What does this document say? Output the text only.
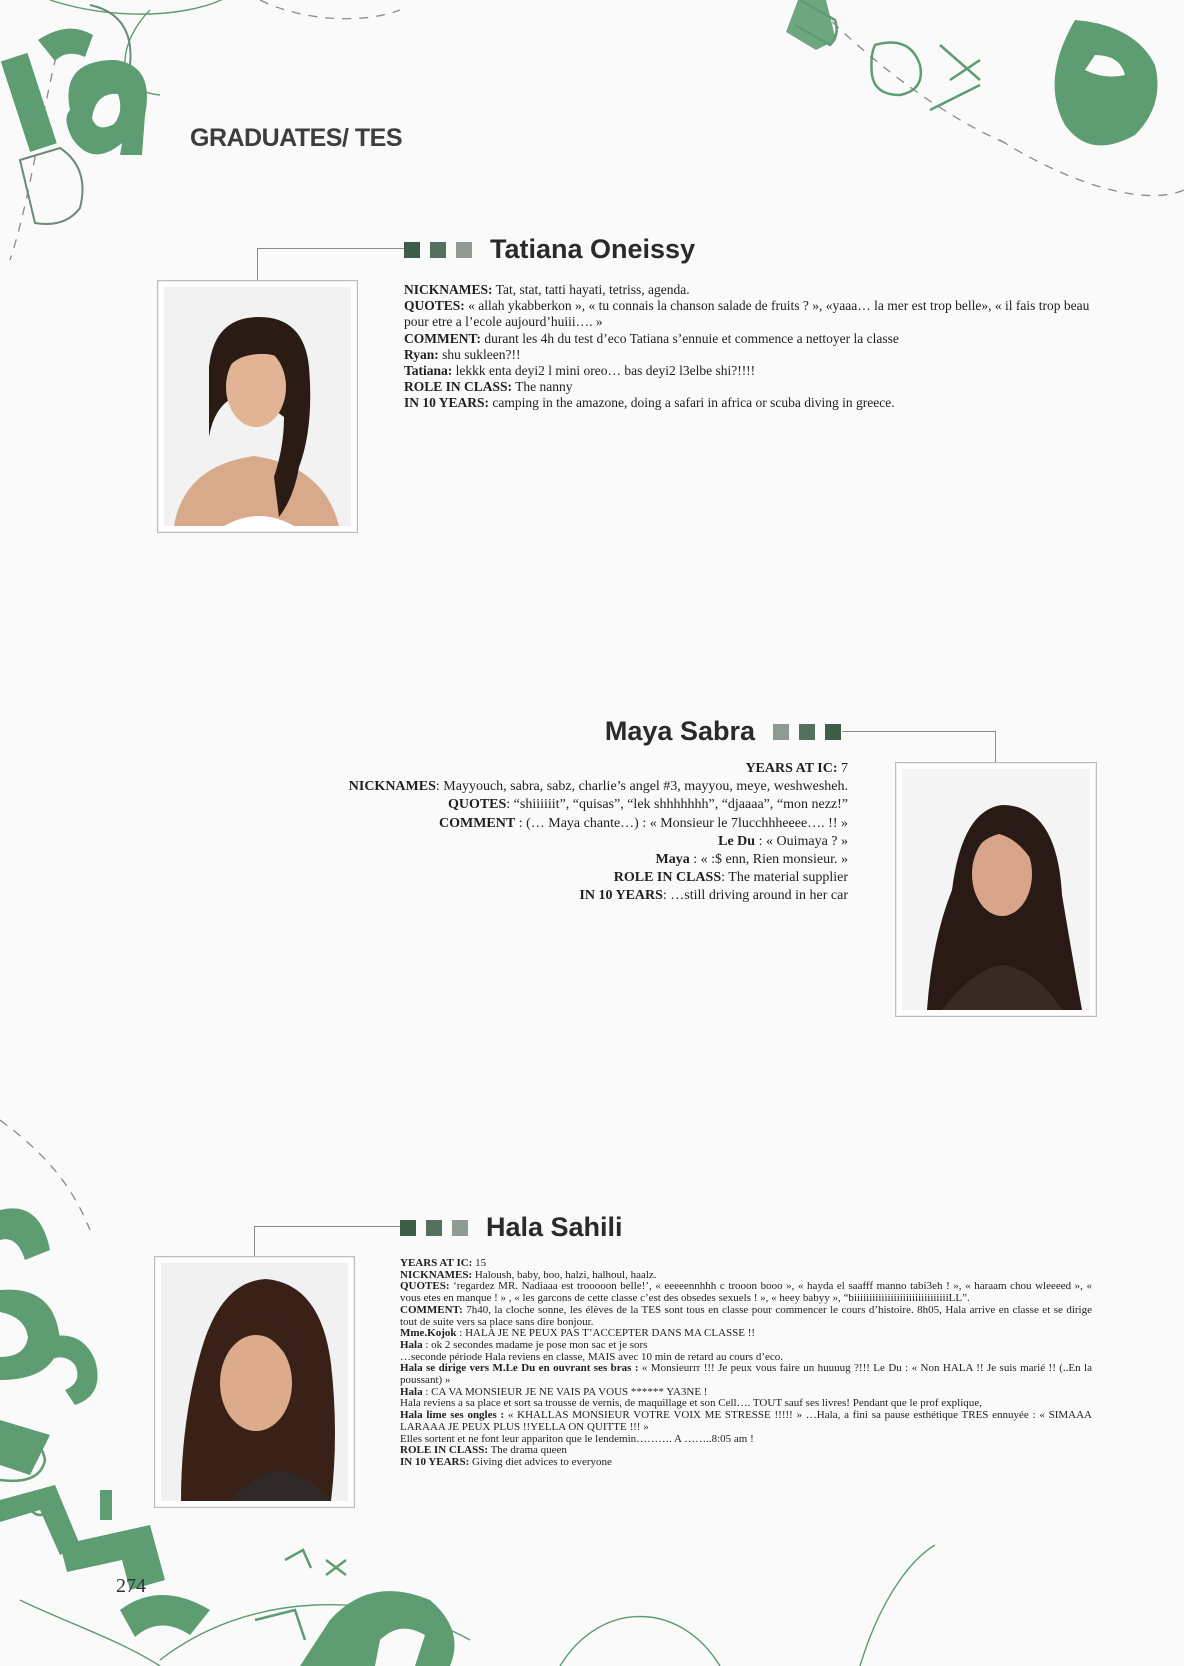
GRADUATES/ TES
Tatiana Oneissy

NICKNAMES: Tat, stat, tatti hayati, tetriss, agenda.

QUOTES: « allah ykabberkon », « tu connais la chanson salade de fruits ? », «yaaa… la mer est trop belle», « il fais trop beau pour etre a l’ecole aujourd’huiii…. »

COMMENT: durant les 4h du test d’eco Tatiana s’ennuie et commence a nettoyer la classe

Ryan: shu sukleen?!!

Tatiana: lekkk enta deyi2 l mini oreo… bas deyi2 l3elbe shi?!!!!

ROLE IN CLASS: The nanny

IN 10 YEARS: camping in the amazone, doing a safari in africa or scuba diving in greece.

Maya Sabra

YEARS AT IC: 7

NICKNAMES: Mayyouch, sabra, sabz, charlie’s angel #3, mayyou, meye, weshwesheh.

QUOTES: “shiiiiiit”, “quisas”, “lek shhhhhhh”, “djaaaa”, “mon nezz!”

COMMENT : (… Maya chante…) : « Monsieur le 7lucchhheeee…. !! »

Le Du : « Ouimaya ? »

Maya : « :$ enn, Rien monsieur. »

ROLE IN CLASS: The material supplier

IN 10 YEARS: …still driving around in her car

Hala Sahili

YEARS AT IC: 15

NICKNAMES: Haloush, baby, boo, halzi, halhoul, haalz.

QUOTES: ‘regardez MR. Nadiaaa est trooooon belle!’, « eeeeennhhh c trooon booo », « hayda el saafff manno tabi3eh ! », « haraam chou wleeeed », « vous etes en manque ! » , « les garcons de cette classe c’est des obsedes sexuels ! », « heey babyy », “biiiiiiiiiiiiiiiiiiiiiiiiiiiiiiiLL”.

COMMENT: 7h40, la cloche sonne, les élèves de la TES sont tous en classe pour commencer le cours d’histoire. 8h05, Hala arrive en classe et se dirige tout de suite vers sa place sans dire bonjour.

Mme.Kojok : HALA JE NE PEUX PAS T’ACCEPTER DANS MA CLASSE !!

Hala : ok 2 secondes madame je pose mon sac et je sors

…seconde période Hala reviens en classe, MAIS avec 10 min de retard au cours d’eco.

Hala se dirige vers M.Le Du en ouvrant ses bras : « Monsieurrr !!! Je peux vous faire un huuuug ?!!! Le Du : « Non HALA !! Je suis marié !! (..En la poussant) »

Hala : CA VA MONSIEUR JE NE VAIS PA VOUS ****** YA3NE !

Hala reviens a sa place et sort sa trousse de vernis, de maquillage et son Cell…. TOUT sauf ses livres! Pendant que le prof explique,

Hala lime ses ongles : « KHALLAS MONSIEUR VOTRE VOIX ME STRESSE !!!!! » …Hala, a fini sa pause esthétique TRES ennuyée : « SIMAAA LARAAA JE PEUX PLUS !!YELLA ON QUITTE !!! »

Elles sortent et ne font leur appariton que le lendemin………. A ……..8:05 am !

ROLE IN CLASS: The drama queen

IN 10 YEARS: Giving diet advices to everyone

274
